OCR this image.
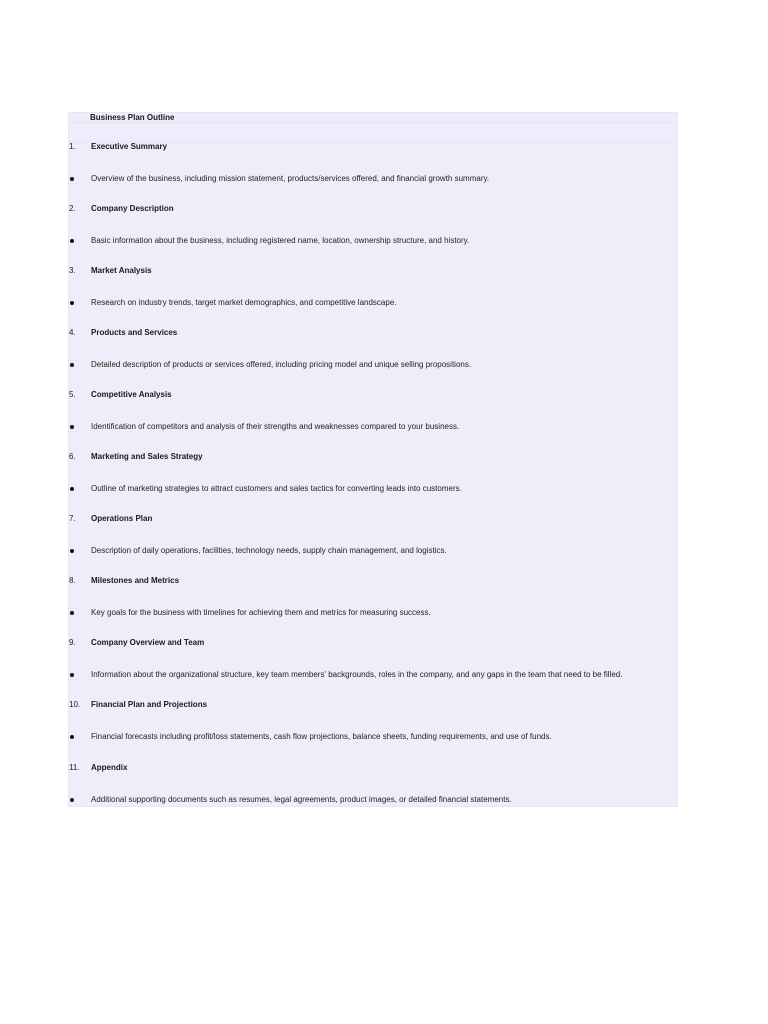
Business Plan Outline
1. Executive Summary
Overview of the business, including mission statement, products/services offered, and financial growth summary.
2. Company Description
Basic information about the business, including registered name, location, ownership structure, and history.
3. Market Analysis
Research on industry trends, target market demographics, and competitive landscape.
4. Products and Services
Detailed description of products or services offered, including pricing model and unique selling propositions.
5. Competitive Analysis
Identification of competitors and analysis of their strengths and weaknesses compared to your business.
6. Marketing and Sales Strategy
Outline of marketing strategies to attract customers and sales tactics for converting leads into customers.
7. Operations Plan
Description of daily operations, facilities, technology needs, supply chain management, and logistics.
8. Milestones and Metrics
Key goals for the business with timelines for achieving them and metrics for measuring success.
9. Company Overview and Team
Information about the organizational structure, key team members' backgrounds, roles in the company, and any gaps in the team that need to be filled.
10. Financial Plan and Projections
Financial forecasts including profit/loss statements, cash flow projections, balance sheets, funding requirements, and use of funds.
11. Appendix
Additional supporting documents such as resumes, legal agreements, product images, or detailed financial statements.
